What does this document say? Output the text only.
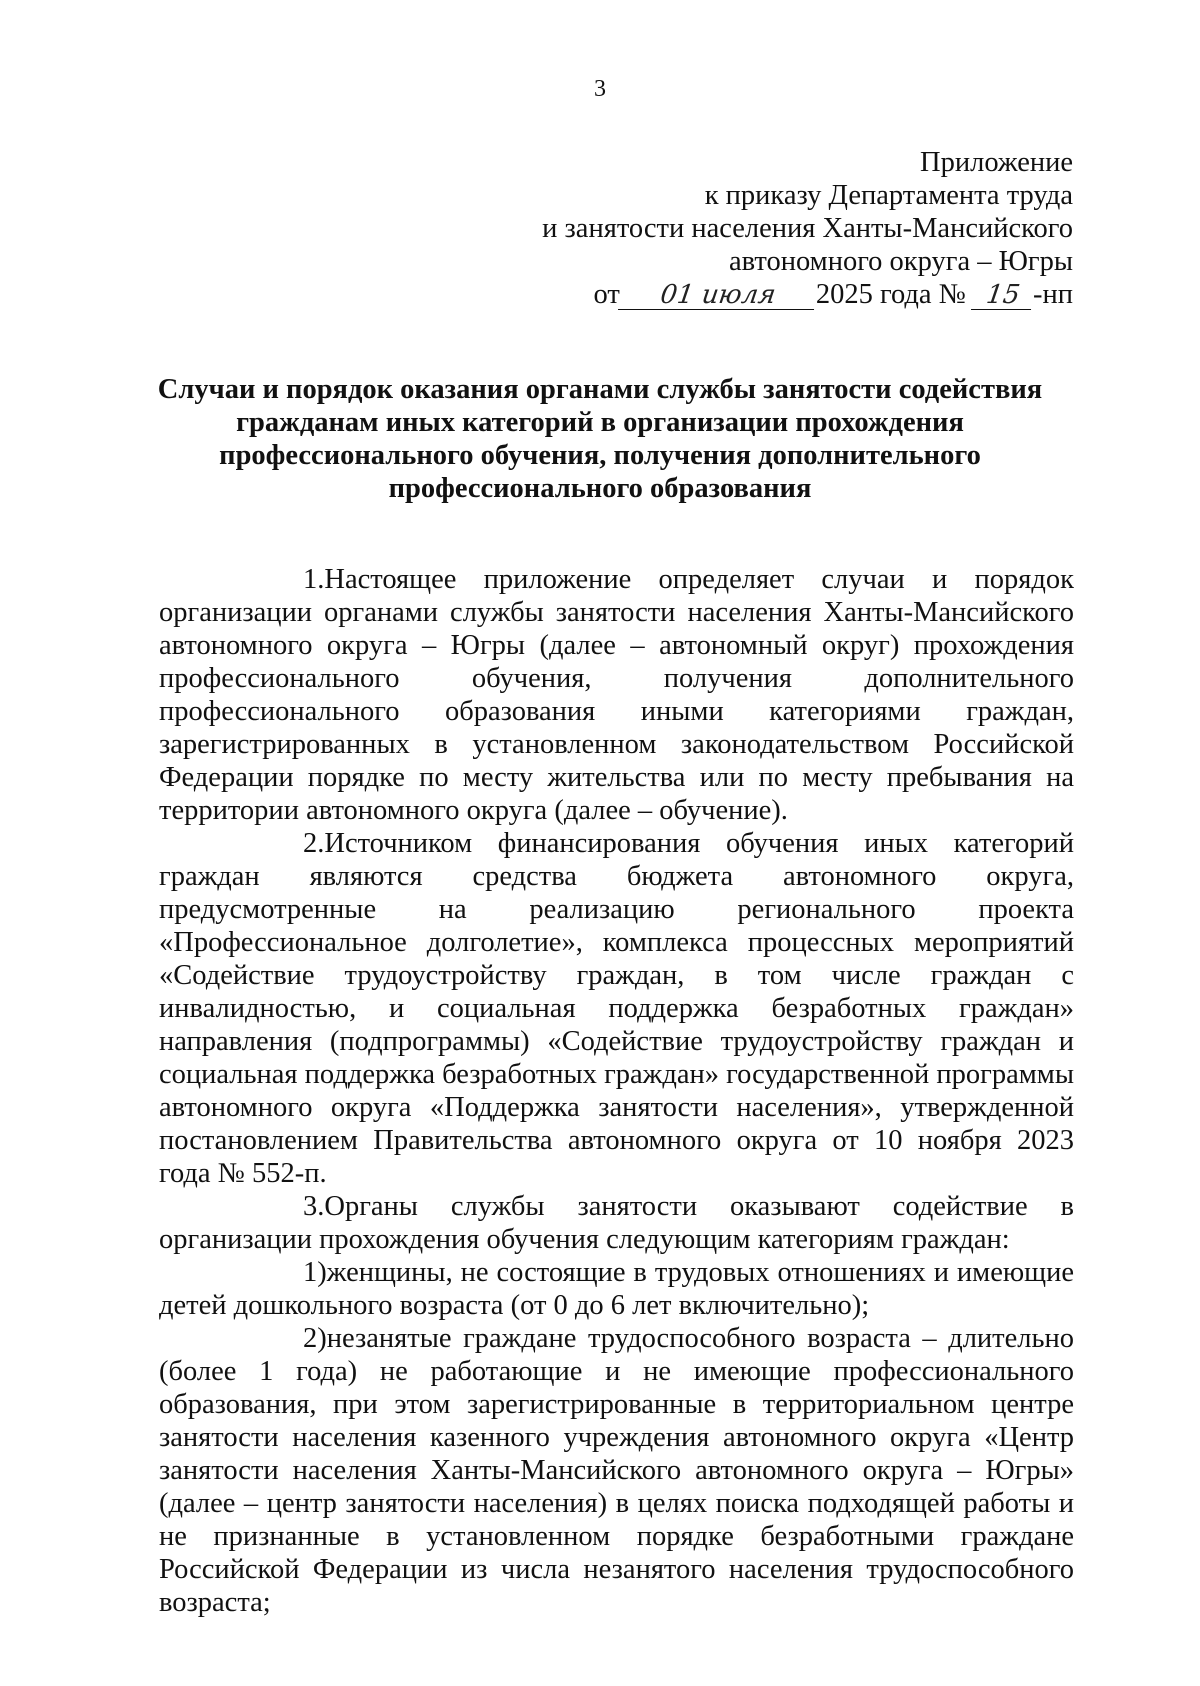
3
Приложение
к приказу Департамента труда
и занятости населения Ханты-Мансийского
автономного округа – Югры
от 01 июля 2025 года № 15 -нп
Случаи и порядок оказания органами службы занятости содействия гражданам иных категорий в организации прохождения профессионального обучения, получения дополнительного профессионального образования

1.Настоящее приложение определяет случаи и порядок организации органами службы занятости населения Ханты-Мансийского автономного округа – Югры (далее – автономный округ) прохождения профессионального обучения, получения дополнительного профессионального образования иными категориями граждан, зарегистрированных в установленном законодательством Российской Федерации порядке по месту жительства или по месту пребывания на территории автономного округа (далее – обучение).

2.Источником финансирования обучения иных категорий граждан являются средства бюджета автономного округа, предусмотренные на реализацию регионального проекта «Профессиональное долголетие», комплекса процессных мероприятий «Содействие трудоустройству граждан, в том числе граждан с инвалидностью, и социальная поддержка безработных граждан» направления (подпрограммы) «Содействие трудоустройству граждан и социальная поддержка безработных граждан» государственной программы автономного округа «Поддержка занятости населения», утвержденной постановлением Правительства автономного округа от 10 ноября 2023 года № 552-п.

3.Органы службы занятости оказывают содействие в организации прохождения обучения следующим категориям граждан:

1)женщины, не состоящие в трудовых отношениях и имеющие детей дошкольного возраста (от 0 до 6 лет включительно);

2)незанятые граждане трудоспособного возраста – длительно (более 1 года) не работающие и не имеющие профессионального образования, при этом зарегистрированные в территориальном центре занятости населения казенного учреждения автономного округа «Центр занятости населения Ханты-Мансийского автономного округа – Югры» (далее – центр занятости населения) в целях поиска подходящей работы и не признанные в установленном порядке безработными граждане Российской Федерации из числа незанятого населения трудоспособного возраста;
